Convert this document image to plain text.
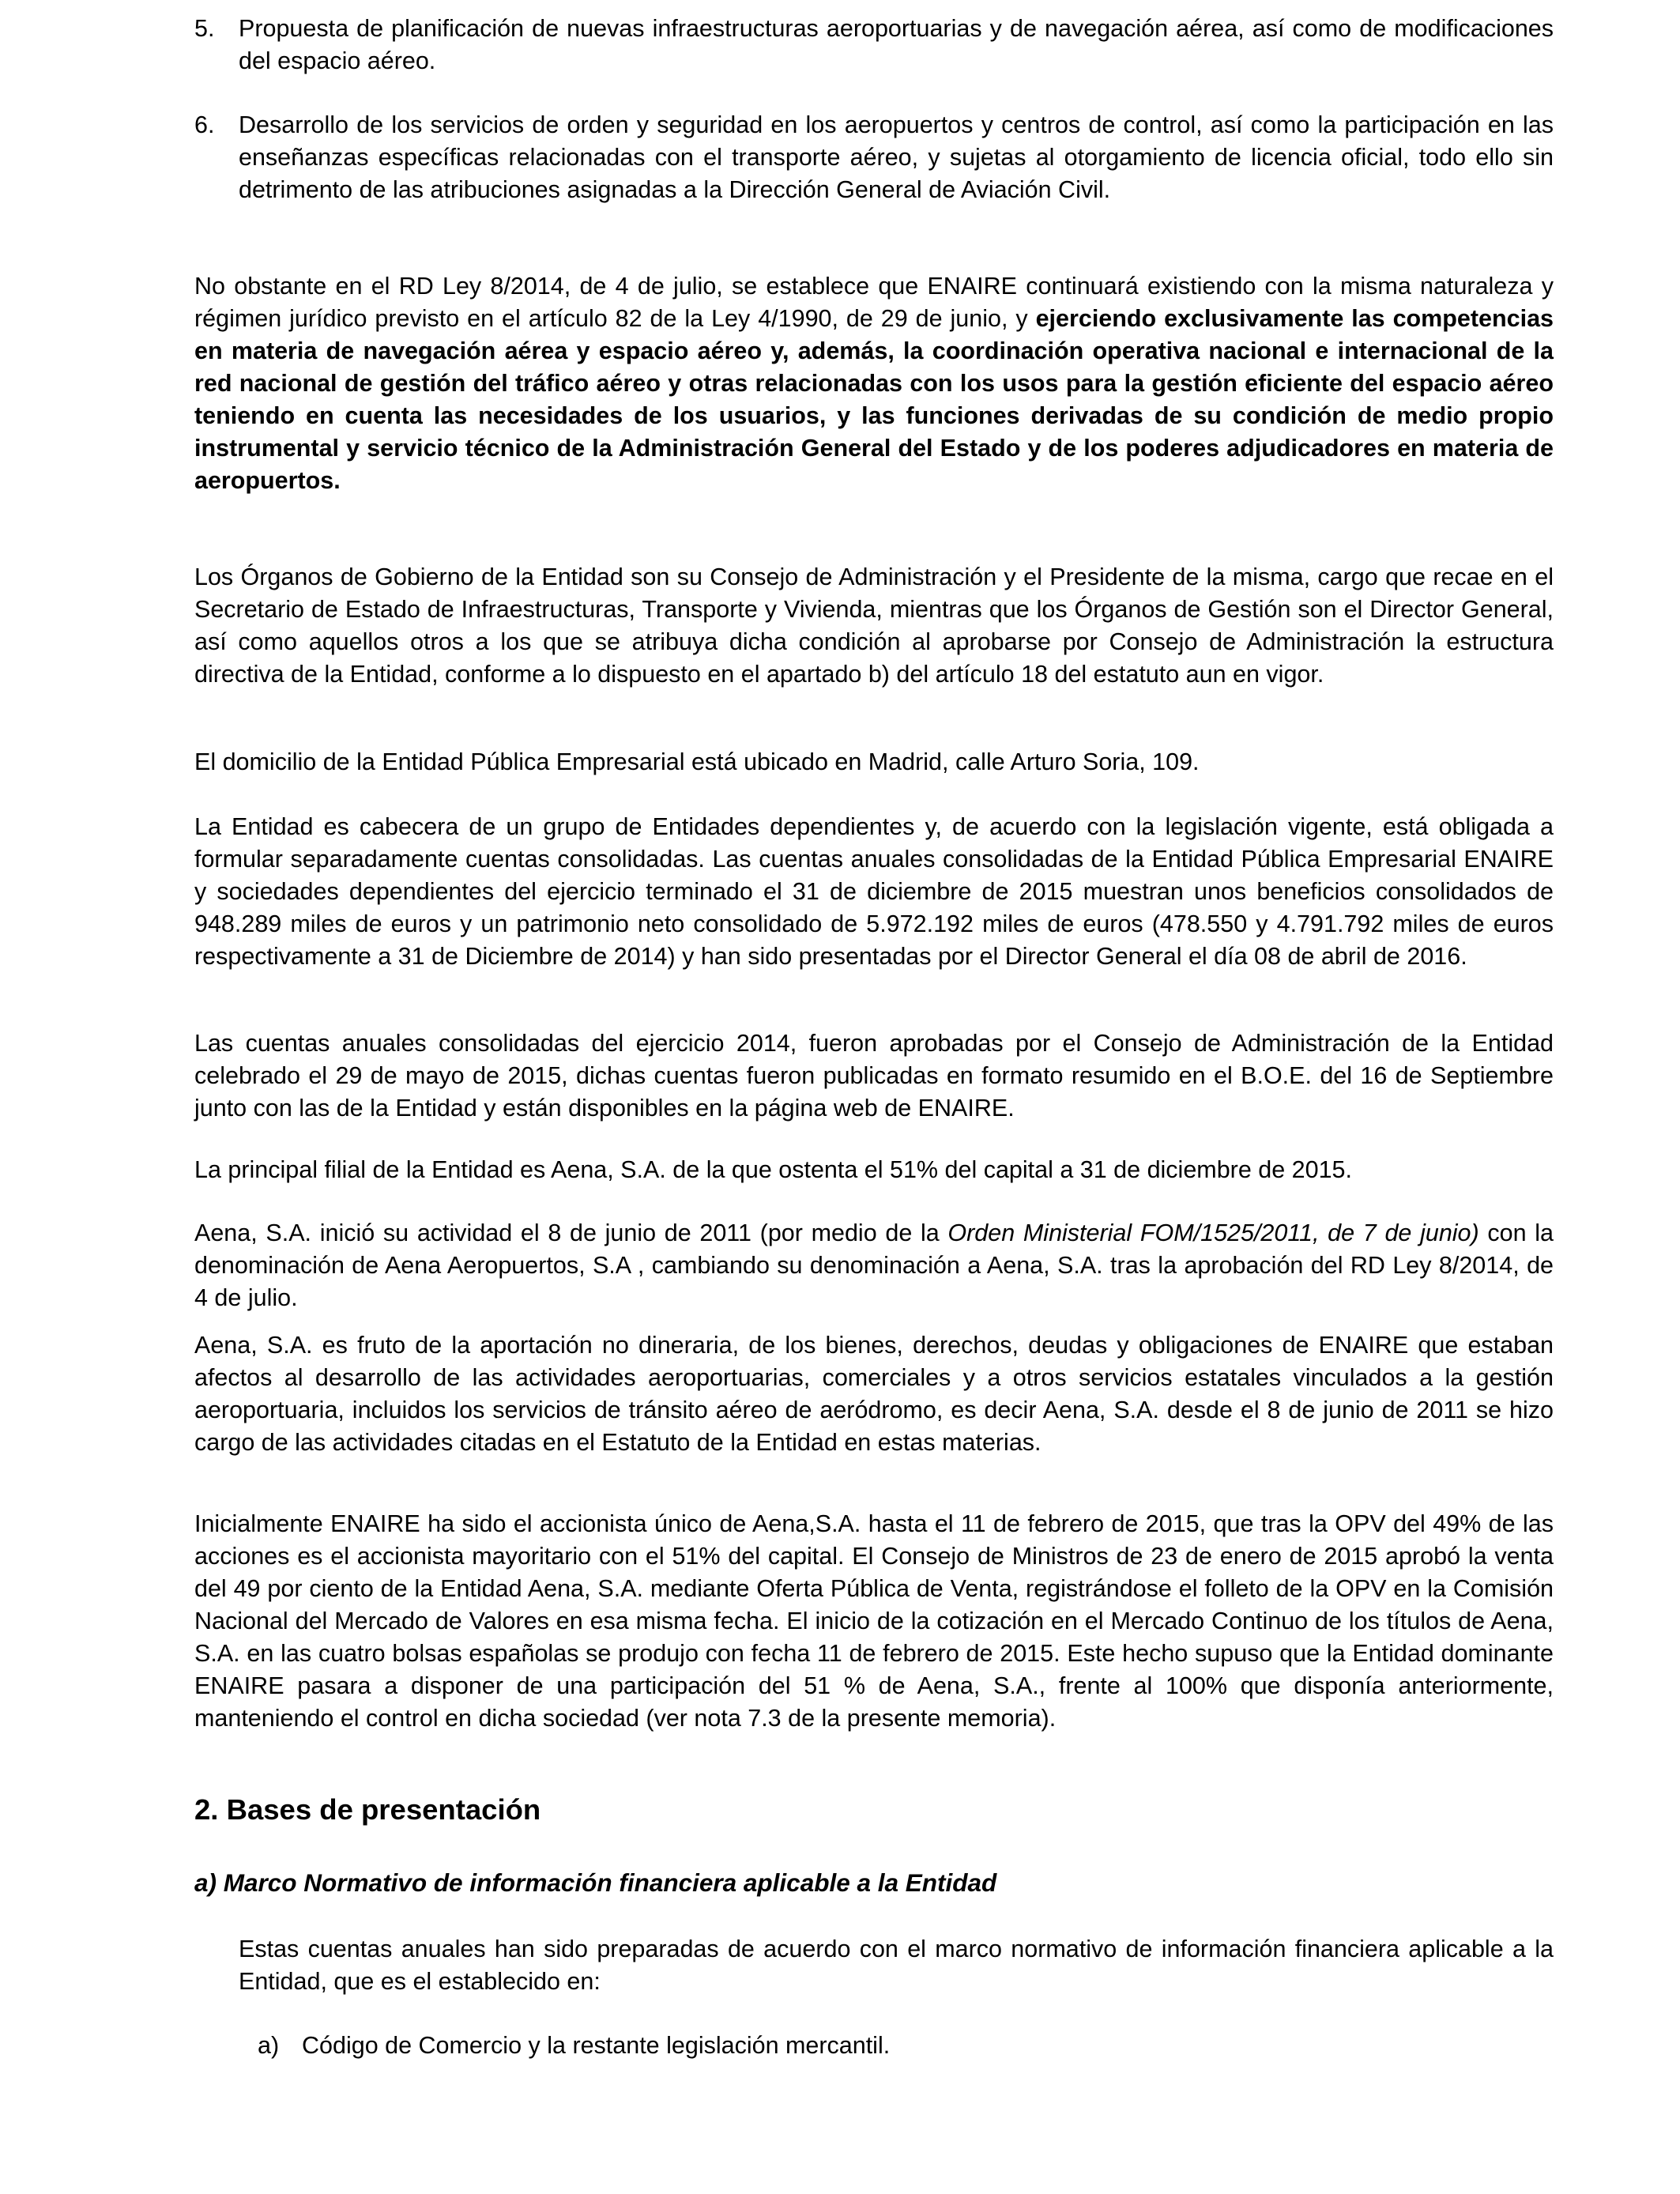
5. Propuesta de planificación de nuevas infraestructuras aeroportuarias y de navegación aérea, así como de modificaciones del espacio aéreo.

6. Desarrollo de los servicios de orden y seguridad en los aeropuertos y centros de control, así como la participación en las enseñanzas específicas relacionadas con el transporte aéreo, y sujetas al otorgamiento de licencia oficial, todo ello sin detrimento de las atribuciones asignadas a la Dirección General de Aviación Civil.

No obstante en el RD Ley 8/2014, de 4 de julio, se establece que ENAIRE continuará existiendo con la misma naturaleza y régimen jurídico previsto en el artículo 82 de la Ley 4/1990, de 29 de junio, y ejerciendo exclusivamente las competencias en materia de navegación aérea y espacio aéreo y, además, la coordinación operativa nacional e internacional de la red nacional de gestión del tráfico aéreo y otras relacionadas con los usos para la gestión eficiente del espacio aéreo teniendo en cuenta las necesidades de los usuarios, y las funciones derivadas de su condición de medio propio instrumental y servicio técnico de la Administración General del Estado y de los poderes adjudicadores en materia de aeropuertos.

Los Órganos de Gobierno de la Entidad son su Consejo de Administración y el Presidente de la misma, cargo que recae en el Secretario de Estado de Infraestructuras, Transporte y Vivienda, mientras que los Órganos de Gestión son el Director General, así como aquellos otros a los que se atribuya dicha condición al aprobarse por Consejo de Administración la estructura directiva de la Entidad, conforme a lo dispuesto en el apartado b) del artículo 18 del estatuto aun en vigor.

El domicilio de la Entidad Pública Empresarial está ubicado en Madrid, calle Arturo Soria, 109.

La Entidad es cabecera de un grupo de Entidades dependientes y, de acuerdo con la legislación vigente, está obligada a formular separadamente cuentas consolidadas. Las cuentas anuales consolidadas de la Entidad Pública Empresarial ENAIRE y sociedades dependientes del ejercicio terminado el 31 de diciembre de 2015 muestran unos beneficios consolidados de 948.289 miles de euros y un patrimonio neto consolidado de 5.972.192 miles de euros (478.550 y 4.791.792 miles de euros respectivamente a 31 de Diciembre de 2014) y han sido presentadas por el Director General el día 08 de abril de 2016.

Las cuentas anuales consolidadas del ejercicio 2014, fueron aprobadas por el Consejo de Administración de la Entidad celebrado el 29 de mayo de 2015, dichas cuentas fueron publicadas en formato resumido en el B.O.E. del 16 de Septiembre junto con las de la Entidad y están disponibles en la página web de ENAIRE.

La principal filial de la Entidad es Aena, S.A. de la que ostenta el 51% del capital a 31 de diciembre de 2015.

Aena, S.A. inició su actividad el 8 de junio de 2011 (por medio de la Orden Ministerial FOM/1525/2011, de 7 de junio) con la denominación de Aena Aeropuertos, S.A , cambiando su denominación a Aena, S.A. tras la aprobación del RD Ley 8/2014, de 4 de julio.

Aena, S.A. es fruto de la aportación no dineraria, de los bienes, derechos, deudas y obligaciones de ENAIRE que estaban afectos al desarrollo de las actividades aeroportuarias, comerciales y a otros servicios estatales vinculados a la gestión aeroportuaria, incluidos los servicios de tránsito aéreo de aeródromo, es decir Aena, S.A. desde el 8 de junio de 2011 se hizo cargo de las actividades citadas en el Estatuto de la Entidad en estas materias.

Inicialmente ENAIRE ha sido el accionista único de Aena,S.A. hasta el 11 de febrero de 2015, que tras la OPV del 49% de las acciones es el accionista mayoritario con el 51% del capital. El Consejo de Ministros de 23 de enero de 2015 aprobó la venta del 49 por ciento de la Entidad Aena, S.A. mediante Oferta Pública de Venta, registrándose el folleto de la OPV en la Comisión Nacional del Mercado de Valores en esa misma fecha. El inicio de la cotización en el Mercado Continuo de los títulos de Aena, S.A. en las cuatro bolsas españolas se produjo con fecha 11 de febrero de 2015. Este hecho supuso que la Entidad dominante ENAIRE pasara a disponer de una participación del 51 % de Aena, S.A., frente al 100% que disponía anteriormente, manteniendo el control en dicha sociedad (ver nota 7.3 de la presente memoria).

2. Bases de presentación
a) Marco Normativo de información financiera aplicable a la Entidad

Estas cuentas anuales han sido preparadas de acuerdo con el marco normativo de información financiera aplicable a la Entidad, que es el establecido en:

a) Código de Comercio y la restante legislación mercantil.
